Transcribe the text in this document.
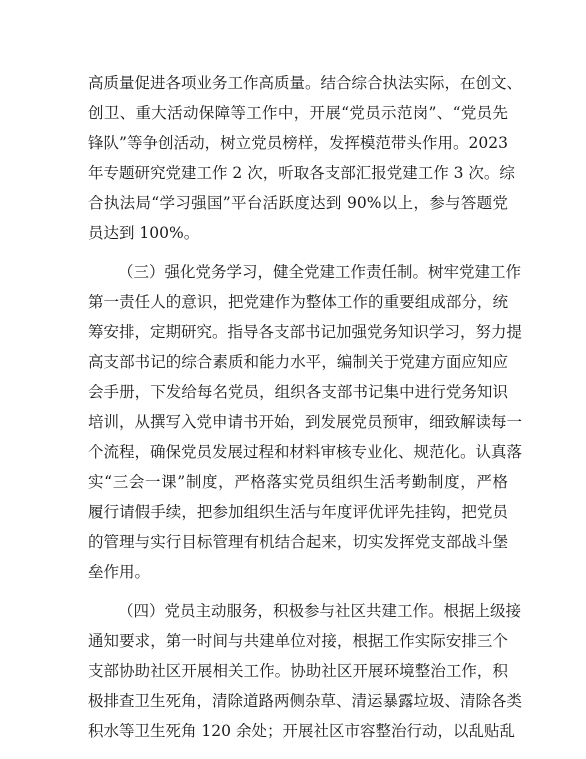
高质量促进各项业务工作高质量。结合综合执法实际，在创文、
创卫、重大活动保障等工作中，开展“党员示范岗”、“党员先
锋队”等争创活动，树立党员榜样，发挥模范带头作用。2023
年专题研究党建工作 2 次，听取各支部汇报党建工作 3 次。综
合执法局“学习强国”平台活跃度达到 90%以上，参与答题党
员达到 100%。
（三）强化党务学习，健全党建工作责任制。树牢党建工作
第一责任人的意识，把党建作为整体工作的重要组成部分，统
筹安排，定期研究。指导各支部书记加强党务知识学习，努力提
高支部书记的综合素质和能力水平，编制关于党建方面应知应
会手册，下发给每名党员，组织各支部书记集中进行党务知识
培训，从撰写入党申请书开始，到发展党员预审，细致解读每一
个流程，确保党员发展过程和材料审核专业化、规范化。认真落
实“三会一课”制度，严格落实党员组织生活考勤制度，严格
履行请假手续，把参加组织生活与年度评优评先挂钩，把党员
的管理与实行目标管理有机结合起来，切实发挥党支部战斗堡
垒作用。
（四）党员主动服务，积极参与社区共建工作。根据上级接
通知要求，第一时间与共建单位对接，根据工作实际安排三个
支部协助社区开展相关工作。协助社区开展环境整治工作，积
极排查卫生死角，清除道路两侧杂草、清运暴露垃圾、清除各类
积水等卫生死角 120 余处；开展社区市容整治行动，以乱贴乱
